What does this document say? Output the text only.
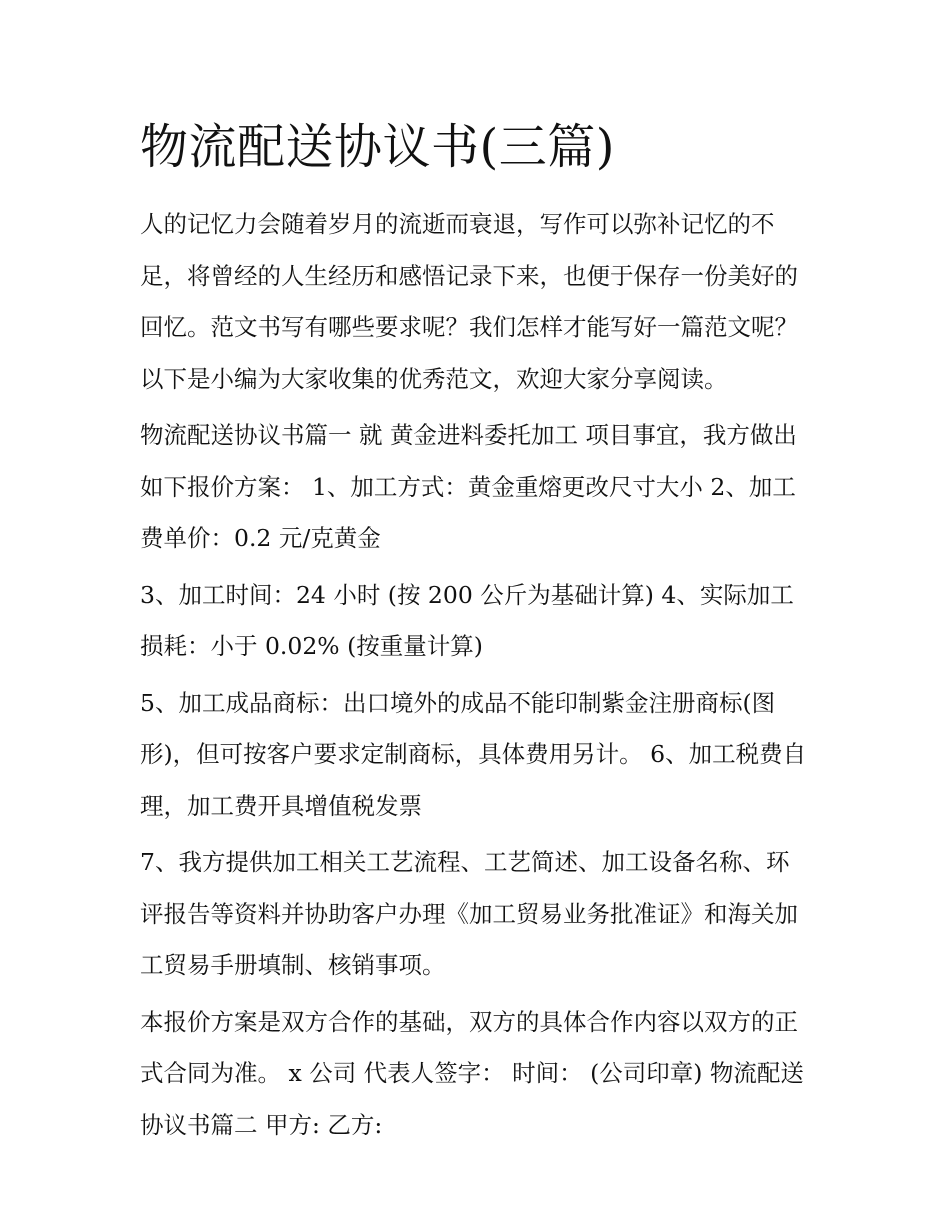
物流配送协议书(三篇)

人的记忆力会随着岁月的流逝而衰退，写作可以弥补记忆的不足，将曾经的人生经历和感悟记录下来，也便于保存一份美好的回忆。范文书写有哪些要求呢？我们怎样才能写好一篇范文呢？以下是小编为大家收集的优秀范文，欢迎大家分享阅读。

物流配送协议书篇一 就 黄金进料委托加工 项目事宜，我方做出如下报价方案： 1、加工方式：黄金重熔更改尺寸大小 2、加工费单价：0.2 元/克黄金

3、加工时间：24 小时 (按 200 公斤为基础计算) 4、实际加工损耗：小于 0.02% (按重量计算)

5、加工成品商标：出口境外的成品不能印制紫金注册商标(图形)，但可按客户要求定制商标，具体费用另计。 6、加工税费自理，加工费开具增值税发票

7、我方提供加工相关工艺流程、工艺简述、加工设备名称、环评报告等资料并协助客户办理《加工贸易业务批准证》和海关加工贸易手册填制、核销事项。

本报价方案是双方合作的基础，双方的具体合作内容以双方的正式合同为准。 x 公司 代表人签字： 时间： (公司印章) 物流配送协议书篇二 甲方: 乙方:
